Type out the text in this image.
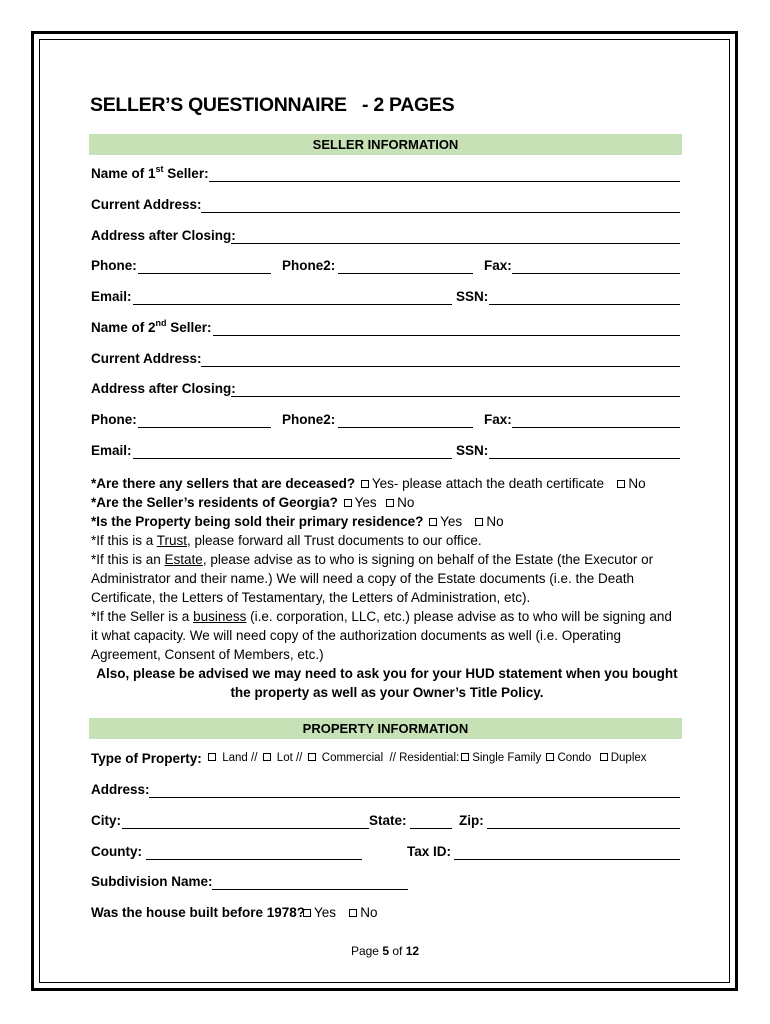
SELLER’S QUESTIONNAIRE   - 2 PAGES
SELLER INFORMATION
Name of 1st Seller:
Current Address:
Address after Closing:
Phone:	Phone2:	Fax:
Email:	SSN:
Name of 2nd Seller:
Current Address:
Address after Closing:
Phone:	Phone2:	Fax:
Email:	SSN:
*Are there any sellers that are deceased? Yes- please attach the death certificate No
*Are the Seller’s residents of Georgia? Yes No
*Is the Property being sold their primary residence? Yes No
*If this is a Trust, please forward all Trust documents to our office.
*If this is an Estate, please advise as to who is signing on behalf of the Estate (the Executor or
Administrator and their name.) We will need a copy of the Estate documents (i.e. the Death
Certificate, the Letters of Testamentary, the Letters of Administration, etc).
*If the Seller is a business (i.e. corporation, LLC, etc.) please advise as to who will be signing and
it what capacity. We will need copy of the authorization documents as well (i.e. Operating
Agreement, Consent of Members, etc.)
Also, please be advised we may need to ask you for your HUD statement when you bought
the property as well as your Owner’s Title Policy.
PROPERTY INFORMATION
Type of Property:	Land // Lot // Commercial // Residential: Single Family Condo Duplex
Address:
City:	State:	Zip:
County:	Tax ID:
Subdivision Name:
Was the house built before 1978? Yes No
Page 5 of 12
